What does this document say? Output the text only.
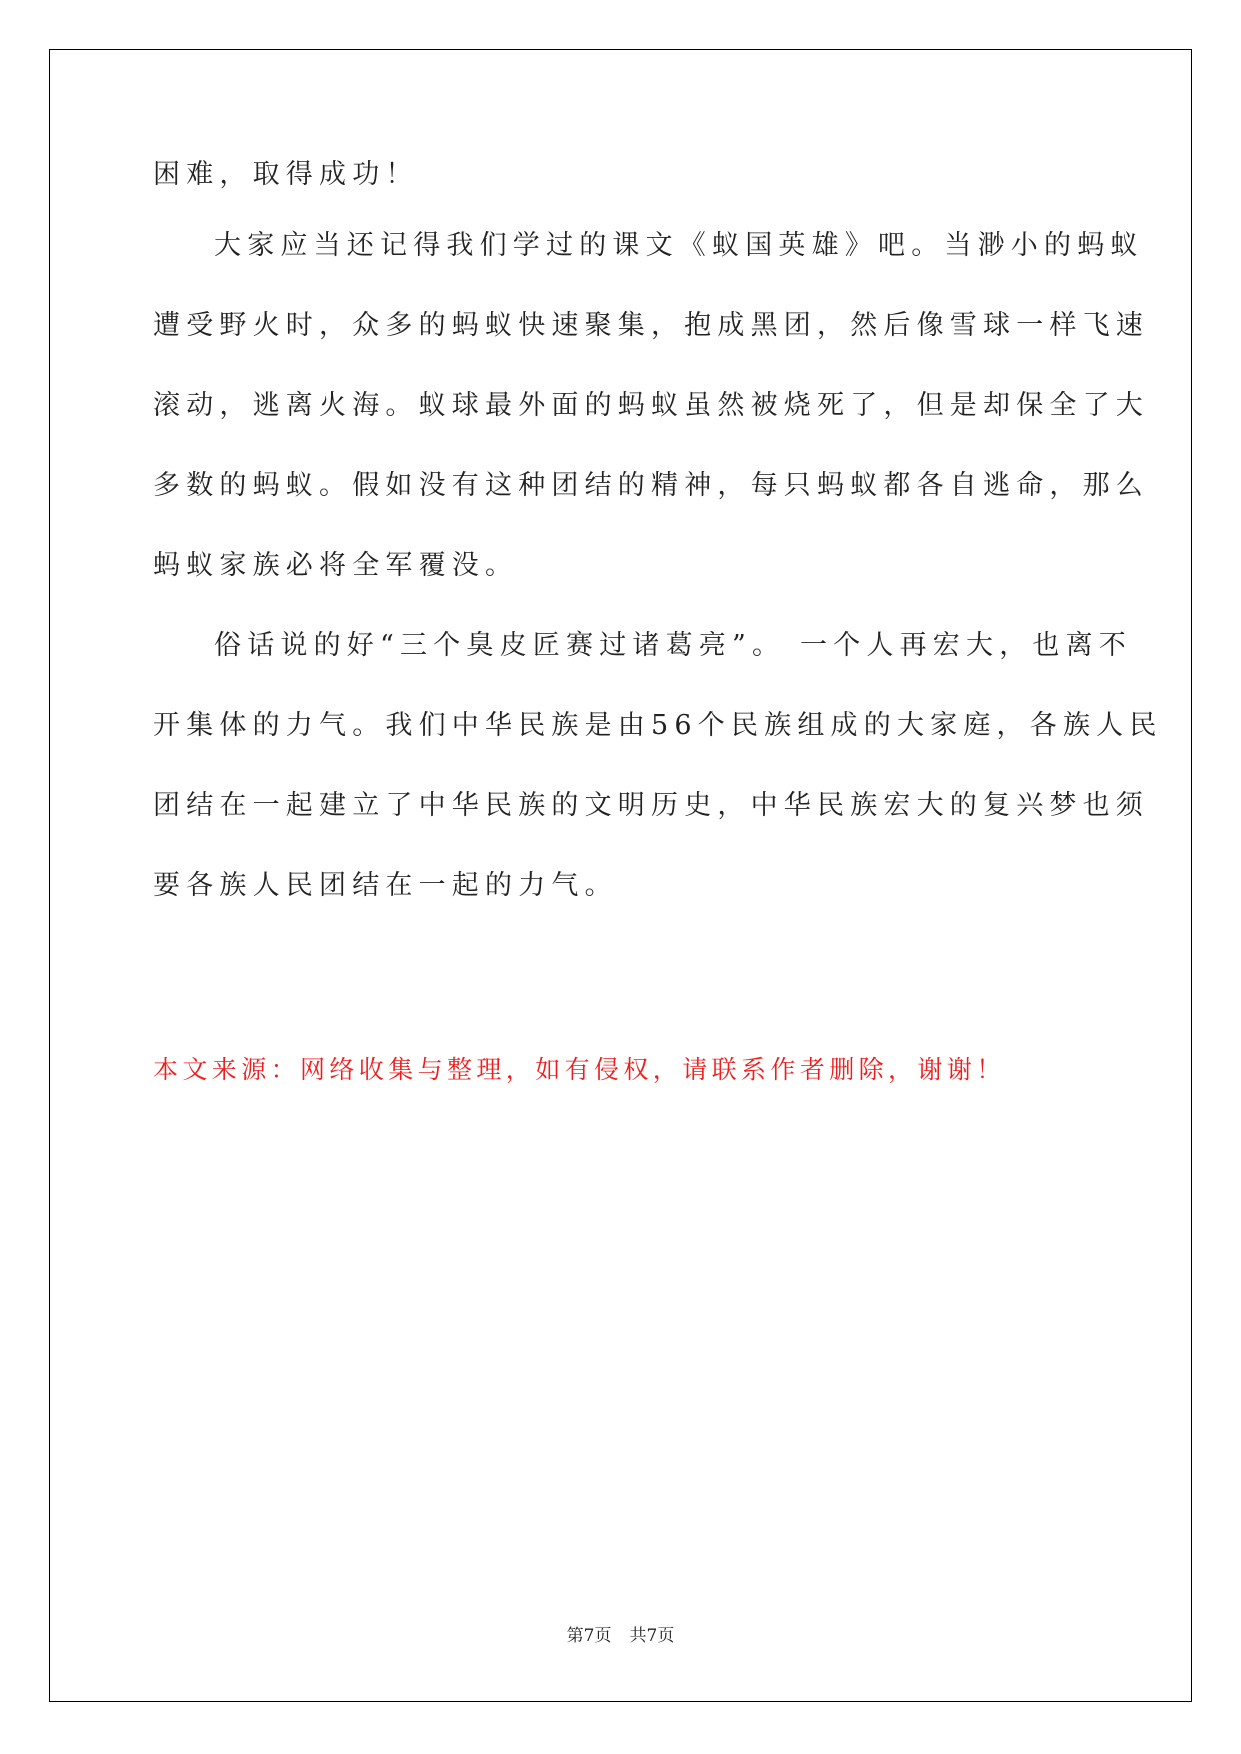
困难，取得成功！
大家应当还记得我们学过的课文《蚁国英雄》吧。当渺小的蚂蚁
遭受野火时，众多的蚂蚁快速聚集，抱成黑团，然后像雪球一样飞速
滚动，逃离火海。蚁球最外面的蚂蚁虽然被烧死了，但是却保全了大
多数的蚂蚁。假如没有这种团结的精神，每只蚂蚁都各自逃命，那么
蚂蚁家族必将全军覆没。
俗话说的好“三个臭皮匠赛过诸葛亮”。 一个人再宏大，也离不
开集体的力气。我们中华民族是由56个民族组成的大家庭，各族人民
团结在一起建立了中华民族的文明历史，中华民族宏大的复兴梦也须
要各族人民团结在一起的力气。
本文来源：网络收集与整理，如有侵权，请联系作者删除，谢谢！
第7页 共7页
